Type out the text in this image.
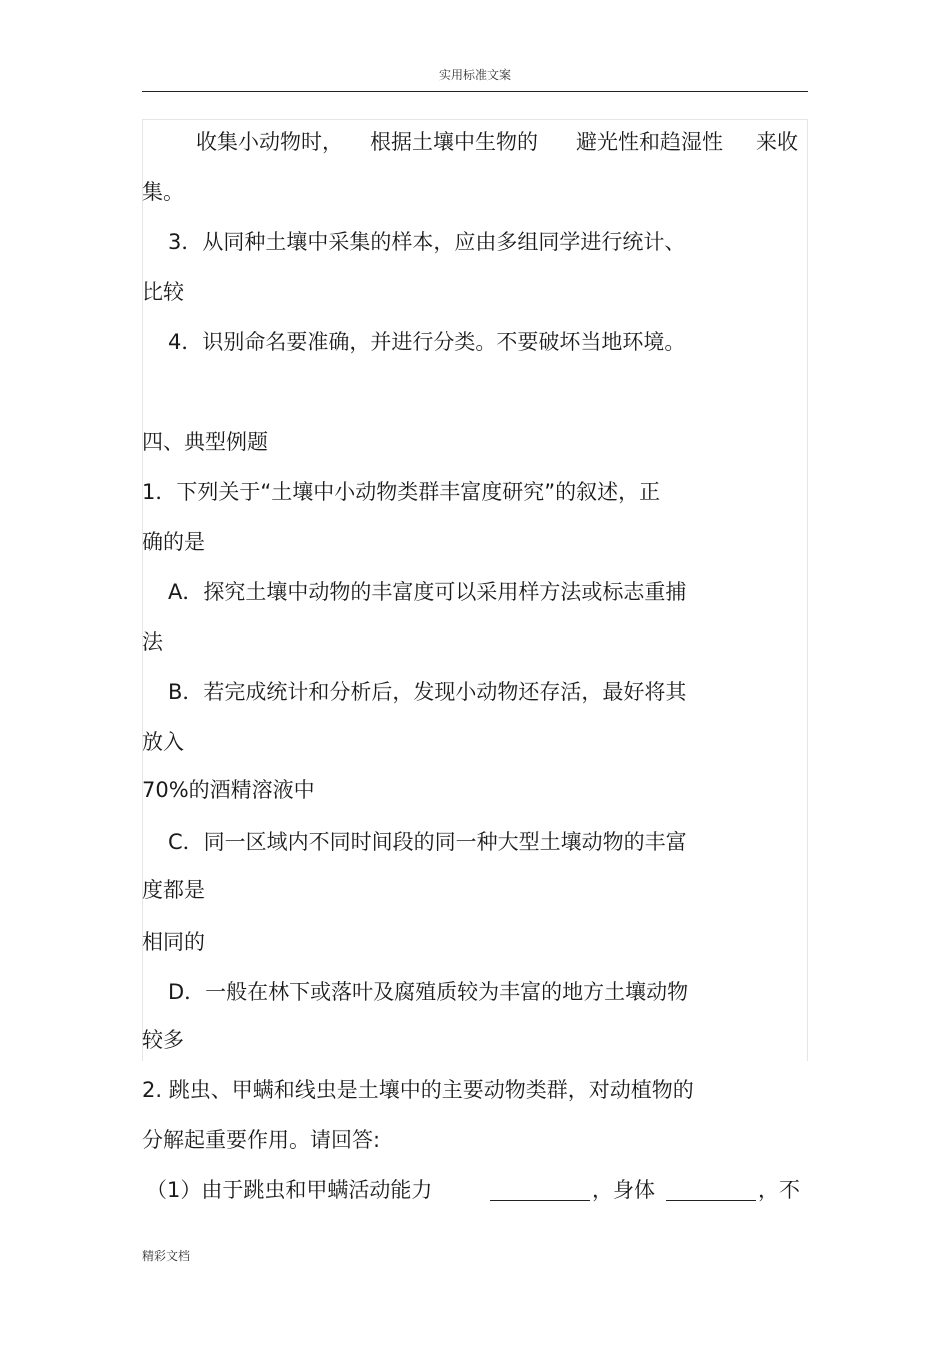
实用标准文案
收集小动物时， 根据土壤中生物的 避光性和趋湿性 来收
集。
3．从同种土壤中采集的样本，应由多组同学进行统计、
比较
4．识别命名要准确，并进行分类。不要破坏当地环境。
四、典型例题
1．下列关于“土壤中小动物类群丰富度研究”的叙述，正
确的是
A．探究土壤中动物的丰富度可以采用样方法或标志重捕
法
B．若完成统计和分析后，发现小动物还存活，最好将其
放入
70%的酒精溶液中
C．同一区域内不同时间段的同一种大型土壤动物的丰富
度都是
相同的
D．一般在林下或落叶及腐殖质较为丰富的地方土壤动物
较多
2. 跳虫、甲螨和线虫是土壤中的主要动物类群，对动植物的
分解起重要作用。请回答:
（1）由于跳虫和甲螨活动能力	，身体	，不
精彩文档
